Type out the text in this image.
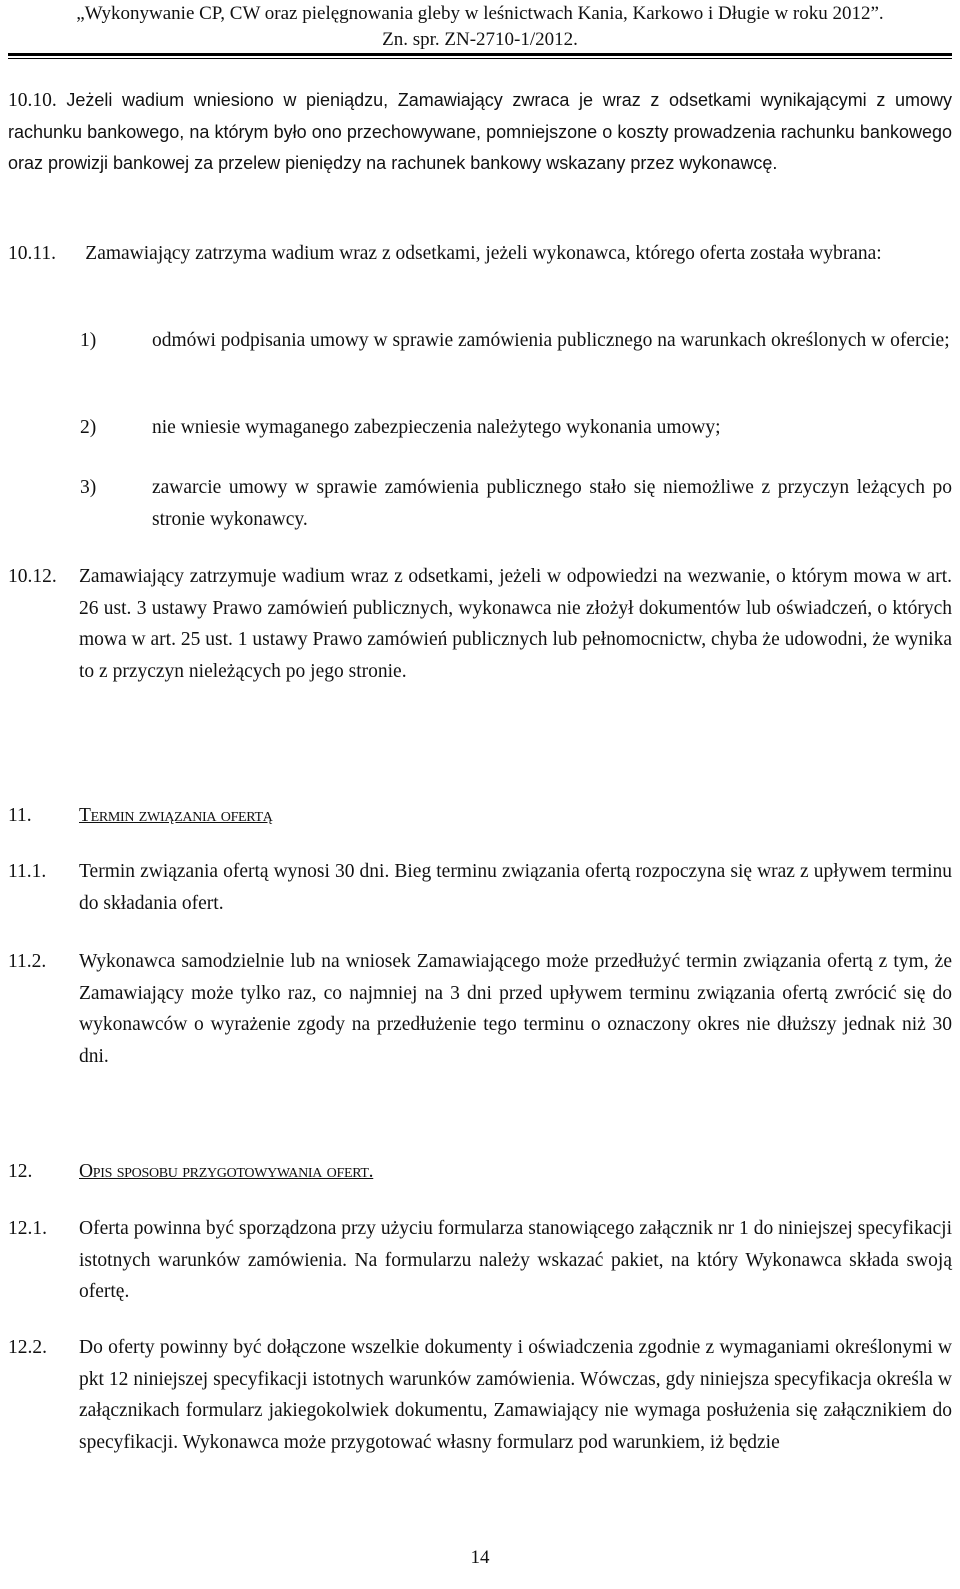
„Wykonywanie CP, CW oraz pielęgnowania gleby w leśnictwach Kania, Karkowo i Długie w roku 2012”.
Zn. spr. ZN-2710-1/2012.
10.10. Jeżeli wadium wniesiono w pieniądzu, Zamawiający zwraca je wraz z odsetkami wynikającymi z umowy rachunku bankowego, na którym było ono przechowywane, pomniejszone o koszty prowadzenia rachunku bankowego oraz prowizji bankowej za przelew pieniędzy na rachunek bankowy wskazany przez wykonawcę.
10.11. Zamawiający zatrzyma wadium wraz z odsetkami, jeżeli wykonawca, którego oferta została wybrana:
1)	odmówi podpisania umowy w sprawie zamówienia publicznego na warunkach określonych w ofercie;
2)	nie wniesie wymaganego zabezpieczenia należytego wykonania umowy;
3)	zawarcie umowy w sprawie zamówienia publicznego stało się niemożliwe z przyczyn leżących po stronie wykonawcy.
10.12. Zamawiający zatrzymuje wadium wraz z odsetkami, jeżeli w odpowiedzi na wezwanie, o którym mowa w art. 26 ust. 3 ustawy Prawo zamówień publicznych, wykonawca nie złożył dokumentów lub oświadczeń, o których mowa w art. 25 ust. 1 ustawy Prawo zamówień publicznych lub pełnomocnictw, chyba że udowodni, że wynika to z przyczyn nieleżących po jego stronie.
11. Termin związania ofertą
11.1. Termin związania ofertą wynosi 30 dni. Bieg terminu związania ofertą rozpoczyna się wraz z upływem terminu do składania ofert.
11.2. Wykonawca samodzielnie lub na wniosek Zamawiającego może przedłużyć termin związania ofertą z tym, że Zamawiający może tylko raz, co najmniej na 3 dni przed upływem terminu związania ofertą zwrócić się do wykonawców o wyrażenie zgody na przedłużenie tego terminu o oznaczony okres nie dłuższy jednak niż 30 dni.
12. Opis sposobu przygotowywania ofert.
12.1. Oferta powinna być sporządzona przy użyciu formularza stanowiącego załącznik nr 1 do niniejszej specyfikacji istotnych warunków zamówienia. Na formularzu należy wskazać pakiet, na który Wykonawca składa swoją ofertę.
12.2. Do oferty powinny być dołączone wszelkie dokumenty i oświadczenia zgodnie z wymaganiami określonymi w pkt 12 niniejszej specyfikacji istotnych warunków zamówienia. Wówczas, gdy niniejsza specyfikacja określa w załącznikach formularz jakiegokolwiek dokumentu, Zamawiający nie wymaga posłużenia się załącznikiem do specyfikacji. Wykonawca może przygotować własny formularz pod warunkiem, iż będzie
14
